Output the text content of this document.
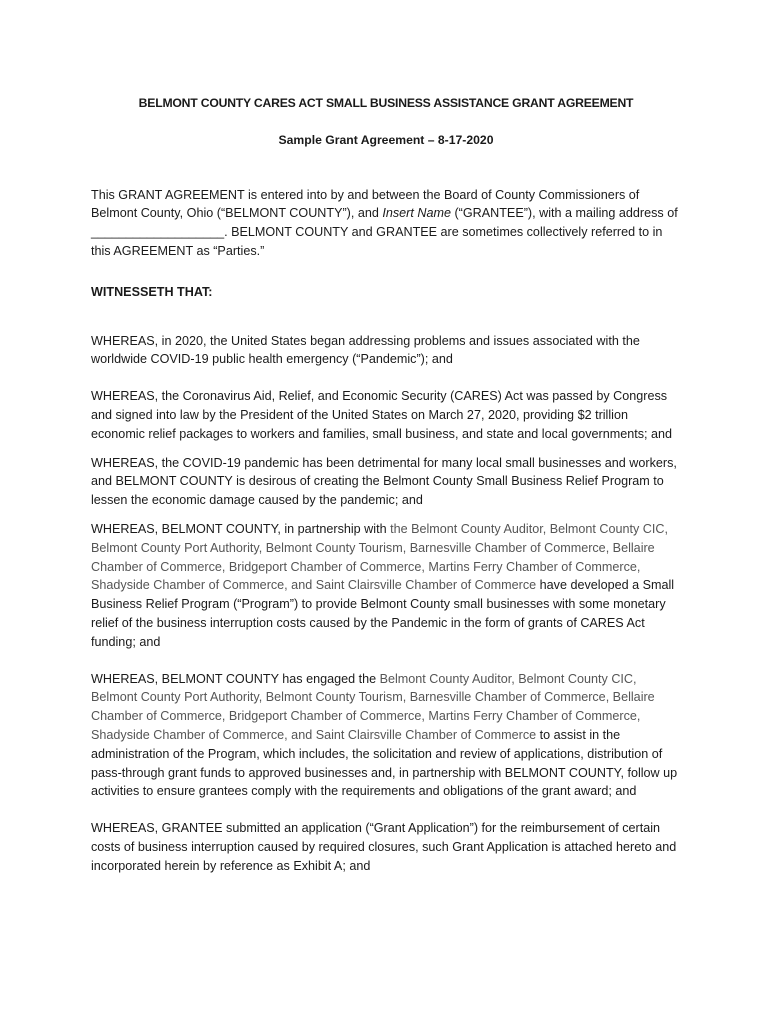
BELMONT COUNTY CARES ACT SMALL BUSINESS ASSISTANCE GRANT AGREEMENT

Sample Grant Agreement – 8-17-2020

This GRANT AGREEMENT is entered into by and between the Board of County Commissioners of Belmont County, Ohio (“BELMONT COUNTY”), and Insert Name (“GRANTEE”), with a mailing address of ___________________. BELMONT COUNTY and GRANTEE are sometimes collectively referred to in this AGREEMENT as “Parties.”

WITNESSETH THAT:

WHEREAS, in 2020, the United States began addressing problems and issues associated with the worldwide COVID-19 public health emergency (“Pandemic”); and

WHEREAS, the Coronavirus Aid, Relief, and Economic Security (CARES) Act was passed by Congress and signed into law by the President of the United States on March 27, 2020, providing $2 trillion economic relief packages to workers and families, small business, and state and local governments; and

WHEREAS, the COVID-19 pandemic has been detrimental for many local small businesses and workers, and BELMONT COUNTY is desirous of creating the Belmont County Small Business Relief Program to lessen the economic damage caused by the pandemic; and

WHEREAS, BELMONT COUNTY, in partnership with the Belmont County Auditor, Belmont County CIC, Belmont County Port Authority, Belmont County Tourism, Barnesville Chamber of Commerce, Bellaire Chamber of Commerce, Bridgeport Chamber of Commerce, Martins Ferry Chamber of Commerce, Shadyside Chamber of Commerce, and Saint Clairsville Chamber of Commerce have developed a Small Business Relief Program (“Program”) to provide Belmont County small businesses with some monetary relief of the business interruption costs caused by the Pandemic in the form of grants of CARES Act funding; and

WHEREAS, BELMONT COUNTY has engaged the Belmont County Auditor, Belmont County CIC, Belmont County Port Authority, Belmont County Tourism, Barnesville Chamber of Commerce, Bellaire Chamber of Commerce, Bridgeport Chamber of Commerce, Martins Ferry Chamber of Commerce, Shadyside Chamber of Commerce, and Saint Clairsville Chamber of Commerce to assist in the administration of the Program, which includes, the solicitation and review of applications, distribution of pass-through grant funds to approved businesses and, in partnership with BELMONT COUNTY, follow up activities to ensure grantees comply with the requirements and obligations of the grant award; and

WHEREAS, GRANTEE submitted an application (“Grant Application”) for the reimbursement of certain costs of business interruption caused by required closures, such Grant Application is attached hereto and incorporated herein by reference as Exhibit A; and
